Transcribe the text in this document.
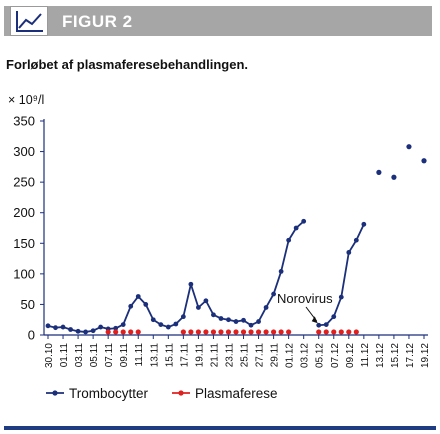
FIGUR 2
Forløbet af plasmaferesebehandlingen.
× 10⁹/l
0
50
100
150
200
250
300
350
30.10 01.11 03.11 05.11 07.11 09.11 11.11 13.11 15.11 17.11 19.11 21.11 23.11 25.11 27.11 29.11 01.12 03.12 05.12 07.12 09.12 11.12 13.12 15.12 17.12 19.12
Norovirus
Trombocytter	Plasmaferese
